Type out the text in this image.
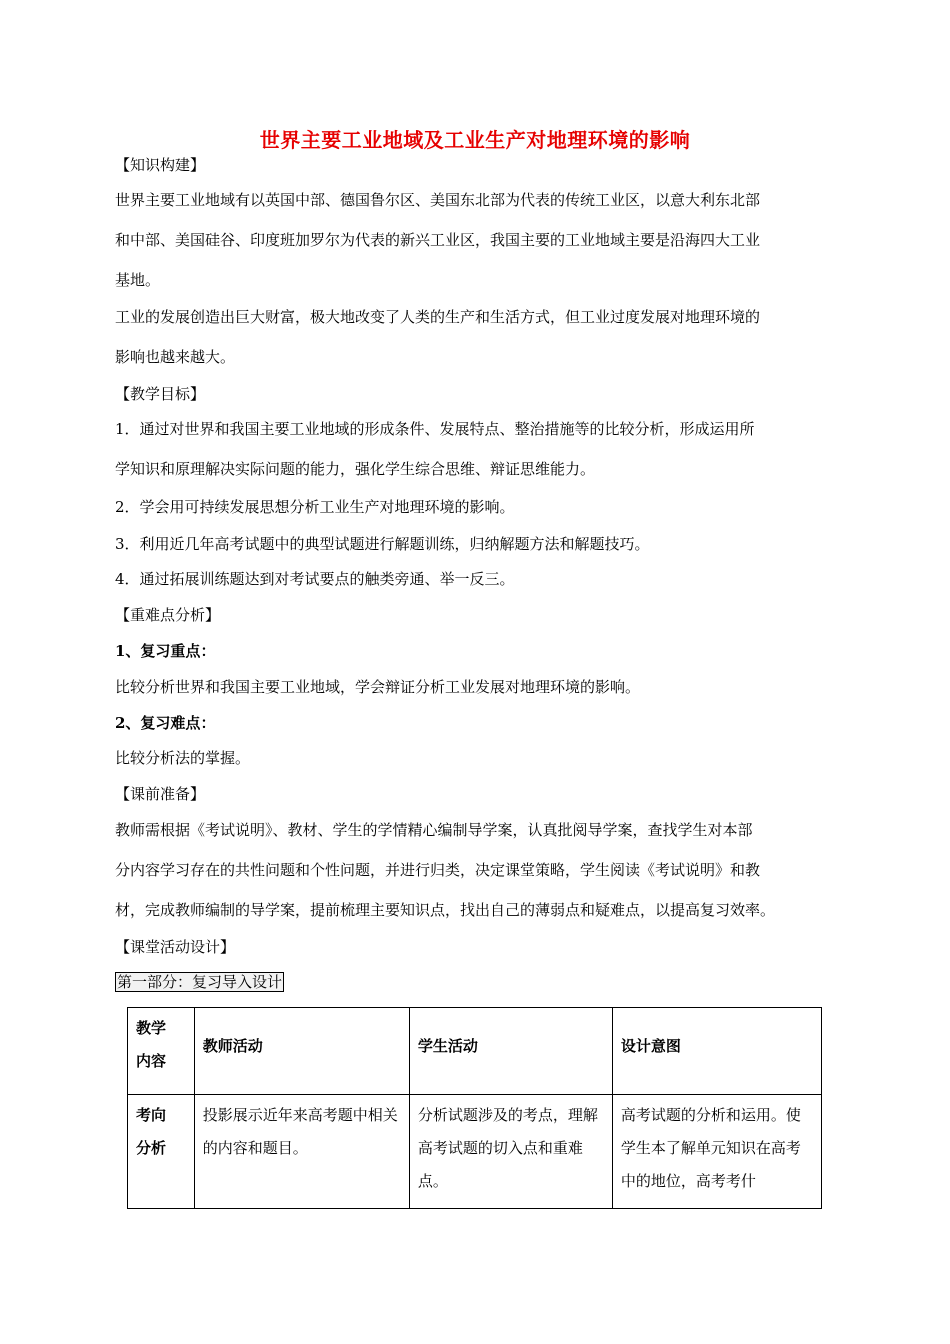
世界主要工业地域及工业生产对地理环境的影响
【知识构建】
世界主要工业地域有以英国中部、德国鲁尔区、美国东北部为代表的传统工业区，以意大利东北部
和中部、美国硅谷、印度班加罗尔为代表的新兴工业区，我国主要的工业地域主要是沿海四大工业
基地。
工业的发展创造出巨大财富，极大地改变了人类的生产和生活方式，但工业过度发展对地理环境的
影响也越来越大。
【教学目标】
1．通过对世界和我国主要工业地域的形成条件、发展特点、整治措施等的比较分析，形成运用所
学知识和原理解决实际问题的能力，强化学生综合思维、辩证思维能力。
2．学会用可持续发展思想分析工业生产对地理环境的影响。
3．利用近几年高考试题中的典型试题进行解题训练，归纳解题方法和解题技巧。
4．通过拓展训练题达到对考试要点的触类旁通、举一反三。
【重难点分析】
1、复习重点：
比较分析世界和我国主要工业地域，学会辩证分析工业发展对地理环境的影响。
2、复习难点：
比较分析法的掌握。
【课前准备】
教师需根据《考试说明》、教材、学生的学情精心编制导学案，认真批阅导学案，查找学生对本部
分内容学习存在的共性问题和个性问题，并进行归类，决定课堂策略，学生阅读《考试说明》和教
材，完成教师编制的导学案，提前梳理主要知识点，找出自己的薄弱点和疑难点，以提高复习效率。
【课堂活动设计】
第一部分：复习导入设计
教学
内容	教师活动	学生活动	设计意图

考向
分析	投影展示近年来高考题中相关的内容和题目。	分析试题涉及的考点，理解高考试题的切入点和重难点。	高考试题的分析和运用。使学生本了解单元知识在高考中的地位，高考考什
